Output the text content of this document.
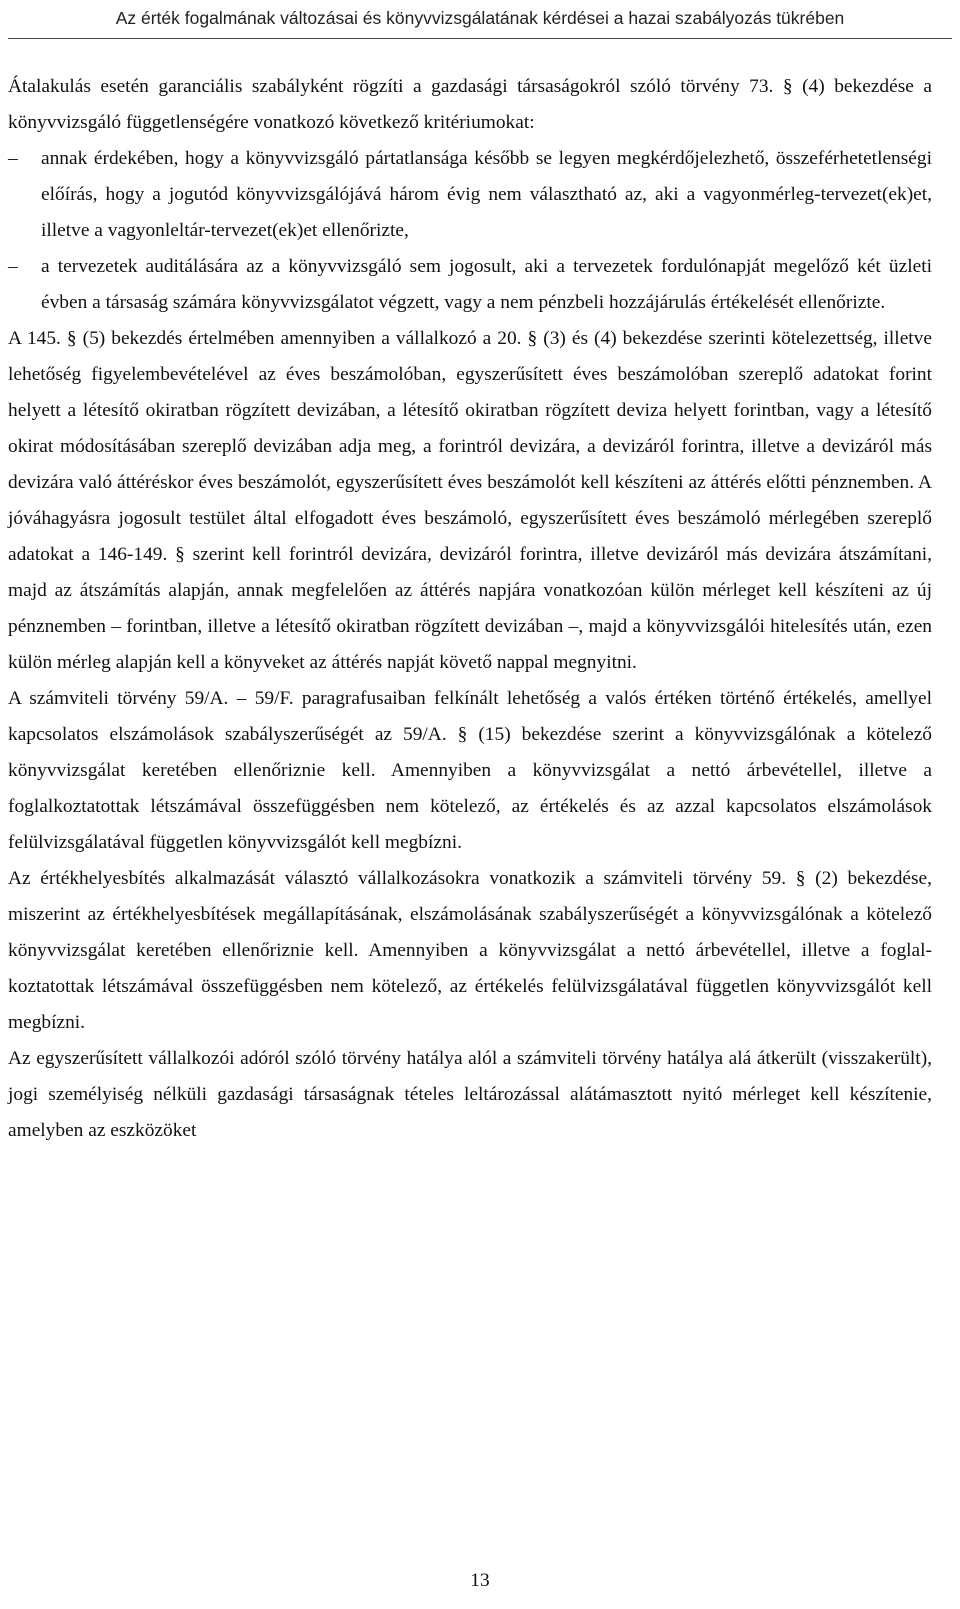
Az érték fogalmának változásai és könyvvizsgálatának kérdései a hazai szabályozás tükrében

Átalakulás esetén garanciális szabályként rögzíti a gazdasági társaságokról szóló törvény 73. § (4) bekezdése a könyvvizsgáló függetlenségére vonatkozó következő kritériumokat:

–	annak érdekében, hogy a könyvvizsgáló pártatlansága később se legyen megkérdőjelezhető, összeférhetetlenségi előírás, hogy a jogutód könyvvizsgálójává három évig nem választható az, aki a vagyonmérleg-tervezet(ek)et, illetve a vagyonleltár-tervezet(ek)et ellenőrizte,
–	a tervezetek auditálására az a könyvvizsgáló sem jogosult, aki a tervezetek fordulónapját megelőző két üzleti évben a társaság számára könyvvizsgálatot végzett, vagy a nem pénzbeli hozzájárulás értékelését ellenőrizte.

A 145. § (5) bekezdés értelmében amennyiben a vállalkozó a 20. § (3) és (4) bekezdése szerinti kötelezettség, illetve lehetőség figyelembevételével az éves beszámolóban, egyszerűsített éves beszámolóban szereplő adatokat forint helyett a létesítő okiratban rögzített devizában, a létesítő okiratban rögzített deviza helyett forintban, vagy a létesítő okirat módosításában szereplő devizában adja meg, a forintról devizára, a devizáról forintra, illetve a devizáról más devizára való áttéréskor éves beszámolót, egyszerűsített éves beszámolót kell készíteni az áttérés előtti pénznemben. A jóváhagyásra jogosult testület által elfogadott éves beszámoló, egyszerűsített éves beszámoló mérlegében szereplő adatokat a 146-149. § szerint kell forintról devizára, devizáról forintra, illetve devizáról más devizára átszámítani, majd az átszámítás alapján, annak megfelelően az áttérés napjára vonatkozóan külön mérleget kell készíteni az új pénznemben – forintban, illetve a létesítő okiratban rögzített devizában –, majd a könyvvizsgálói hitelesítés után, ezen külön mérleg alapján kell a könyveket az áttérés napját követő nappal megnyitni.

A számviteli törvény 59/A. – 59/F. paragrafusaiban felkínált lehetőség a valós értéken történő értékelés, amellyel kapcsolatos elszámolások szabályszerűségét az 59/A. § (15) bekezdése szerint a könyvvizsgálónak a kötelező könyvvizsgálat keretében ellenőriznie kell. Amennyiben a könyvvizsgálat a nettó árbevétellel, illetve a foglalkoztatottak létszámával összefüggésben nem kötelező, az értékelés és az azzal kapcsolatos elszámolások felülvizsgálatával független könyvvizsgálót kell megbízni.

Az értékhelyesbítés alkalmazását választó vállalkozásokra vonatkozik a számviteli törvény 59. § (2) bekezdése, miszerint az értékhelyesbítések megállapításának, elszámolásának szabályszerűségét a könyvvizsgálónak a kötelező könyvvizsgálat keretében ellenőriznie kell. Amennyiben a könyvvizsgálat a nettó árbevétellel, illetve a foglalkoztatottak létszámával összefüggésben nem kötelező, az értékelés felülvizsgálatával független könyvvizsgálót kell megbízni.

Az egyszerűsített vállalkozói adóról szóló törvény hatálya alól a számviteli törvény hatálya alá átkerült (visszakerült), jogi személyiség nélküli gazdasági társaságnak tételes leltározással alátámasztott nyitó mérleget kell készítenie, amelyben az eszközöket

13
